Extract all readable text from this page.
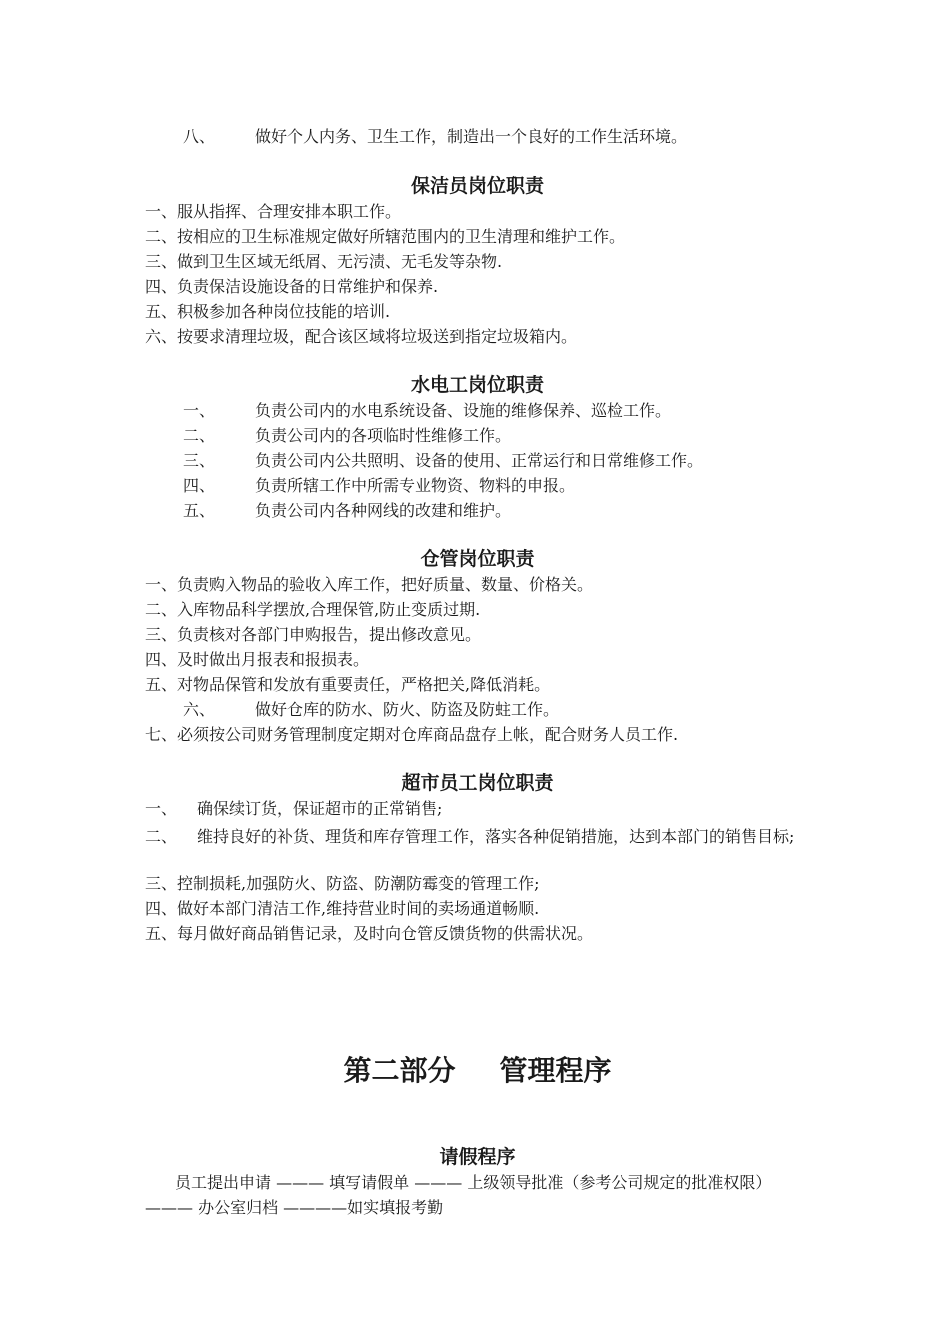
八、	做好个人内务、卫生工作，制造出一个良好的工作生活环境。
保洁员岗位职责
一、服从指挥、合理安排本职工作。
二、按相应的卫生标准规定做好所辖范围内的卫生清理和维护工作。
三、做到卫生区域无纸屑、无污渍、无毛发等杂物.
四、负责保洁设施设备的日常维护和保养.
五、积极参加各种岗位技能的培训.
六、按要求清理垃圾，配合该区域将垃圾送到指定垃圾箱内。
水电工岗位职责
一、	负责公司内的水电系统设备、设施的维修保养、巡检工作。
二、	负责公司内的各项临时性维修工作。
三、	负责公司内公共照明、设备的使用、正常运行和日常维修工作。
四、	负责所辖工作中所需专业物资、物料的申报。
五、	负责公司内各种网线的改建和维护。
仓管岗位职责
一、负责购入物品的验收入库工作，把好质量、数量、价格关。
二、入库物品科学摆放,合理保管,防止变质过期.
三、负责核对各部门申购报告，提出修改意见。
四、及时做出月报表和报损表。
五、对物品保管和发放有重要责任，严格把关,降低消耗。
六、	做好仓库的防水、防火、防盗及防蛀工作。
七、必须按公司财务管理制度定期对仓库商品盘存上帐，配合财务人员工作.
超市员工岗位职责
一、 确保续订货，保证超市的正常销售;
二、 维持良好的补货、理货和库存管理工作，落实各种促销措施，达到本部门的销售目标;
三、控制损耗,加强防火、防盗、防潮防霉变的管理工作;
四、做好本部门清洁工作,维持营业时间的卖场通道畅顺.
五、每月做好商品销售记录，及时向仓管反馈货物的供需状况。
第二部分 管理程序
请假程序
员工提出申请 ——— 填写请假单 ——— 上级领导批准（参考公司规定的批准权限）——— 办公室归档 ————如实填报考勤
